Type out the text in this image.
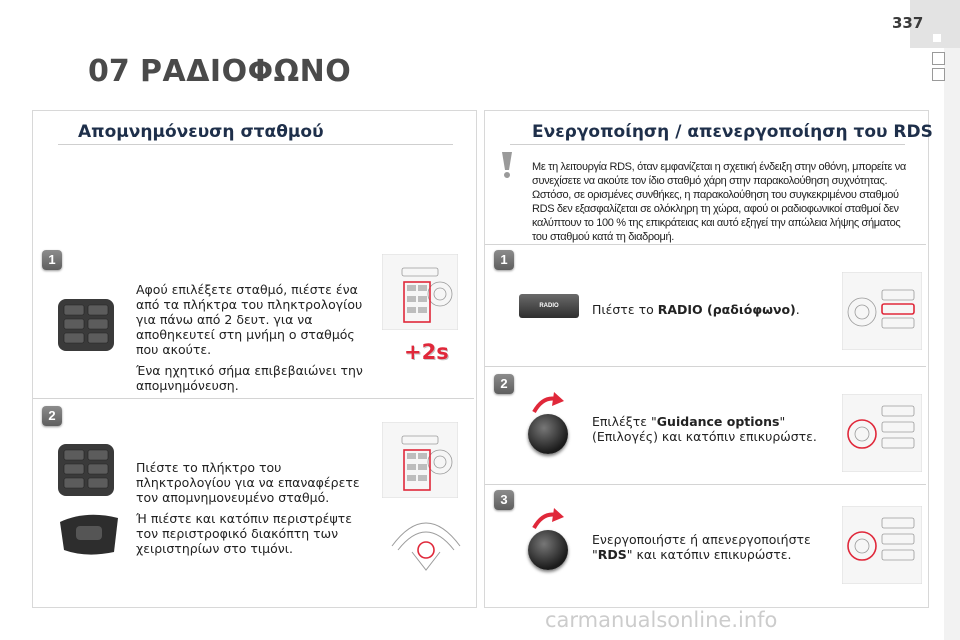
337
07 ΡΑΔΙΟΦΩΝΟ
Απομνημόνευση σταθμού
1
2
Αφού επιλέξετε σταθμό, πιέστε ένα από τα πλήκτρα του πληκτρολογίου για πάνω από 2 δευτ. για να αποθηκευτεί στη μνήμη ο σταθμός που ακούτε.
Ένα ηχητικό σήμα επιβεβαιώνει την απομνημόνευση.
Πιέστε το πλήκτρο του πληκτρολογίου για να επαναφέρετε τον απομνημονευμένο σταθμό.
Ή πιέστε και κατόπιν περιστρέψτε τον περιστροφικό διακόπτη των χειριστηρίων στο τιμόνι.
+2s
Ενεργοποίηση / απενεργοποίηση του RDS
Με τη λειτουργία RDS, όταν εμφανίζεται η σχετική ένδειξη στην οθόνη, μπορείτε να συνεχίσετε να ακούτε τον ίδιο σταθμό χάρη στην παρακολούθηση συχνότητας. Ωστόσο, σε ορισμένες συνθήκες, η παρακολούθηση του συγκεκριμένου σταθμού RDS δεν εξασφαλίζεται σε ολόκληρη τη χώρα, αφού οι ραδιοφωνικοί σταθμοί δεν καλύπτουν το 100 % της επικράτειας και αυτό εξηγεί την απώλεια λήψης σήματος του σταθμού κατά τη διαδρομή.
1
2
3
RADIO	Πιέστε το RADIO (ραδιόφωνο).
Επιλέξτε "Guidance options" (Επιλογές) και κατόπιν επικυρώστε.
Ενεργοποιήστε ή απενεργοποιήστε "RDS" και κατόπιν επικυρώστε.
carmanualsonline.info
